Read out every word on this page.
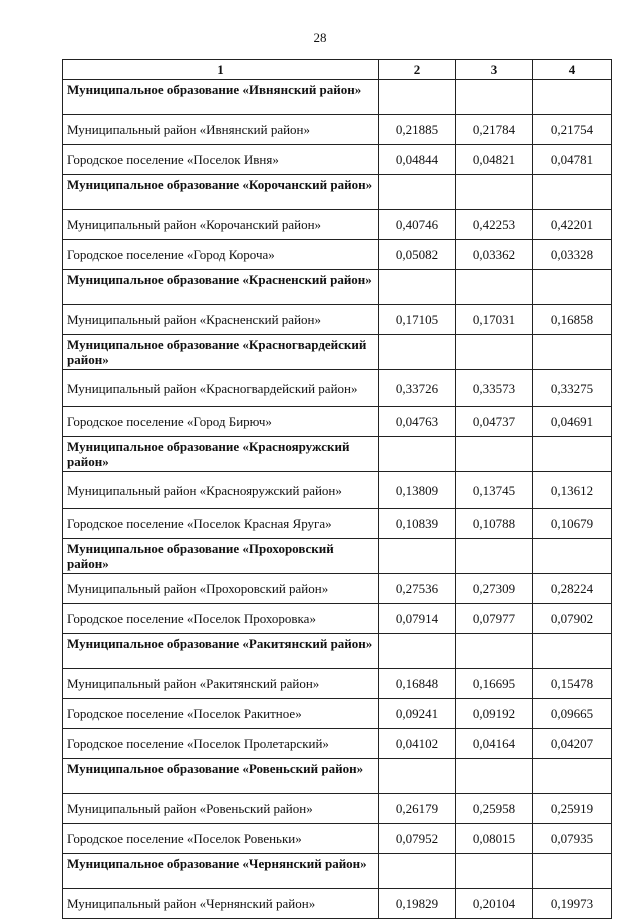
28
1	2	3	4
Муниципальное образование «Ивнянский район»			
Муниципальный район «Ивнянский район»	0,21885	0,21784	0,21754
Городское поселение «Поселок Ивня»	0,04844	0,04821	0,04781
Муниципальное образование «Корочанский район»			
Муниципальный район «Корочанский район»	0,40746	0,42253	0,42201
Городское поселение «Город Короча»	0,05082	0,03362	0,03328
Муниципальное образование «Красненский район»			
Муниципальный район «Красненский район»	0,17105	0,17031	0,16858
Муниципальное образование «Красногвардейский район»			
Муниципальный район «Красногвардейский район»	0,33726	0,33573	0,33275
Городское поселение «Город Бирюч»	0,04763	0,04737	0,04691
Муниципальное образование «Краснояружский район»			
Муниципальный район «Краснояружский район»	0,13809	0,13745	0,13612
Городское поселение «Поселок Красная Яруга»	0,10839	0,10788	0,10679
Муниципальное образование «Прохоровский район»			
Муниципальный район «Прохоровский район»	0,27536	0,27309	0,28224
Городское поселение «Поселок Прохоровка»	0,07914	0,07977	0,07902
Муниципальное образование «Ракитянский район»			
Муниципальный район «Ракитянский район»	0,16848	0,16695	0,15478
Городское поселение «Поселок Ракитное»	0,09241	0,09192	0,09665
Городское поселение «Поселок Пролетарский»	0,04102	0,04164	0,04207
Муниципальное образование «Ровеньский район»			
Муниципальный район «Ровеньский район»	0,26179	0,25958	0,25919
Городское поселение «Поселок Ровеньки»	0,07952	0,08015	0,07935
Муниципальное образование «Чернянский район»			
Муниципальный район «Чернянский район»	0,19829	0,20104	0,19973
